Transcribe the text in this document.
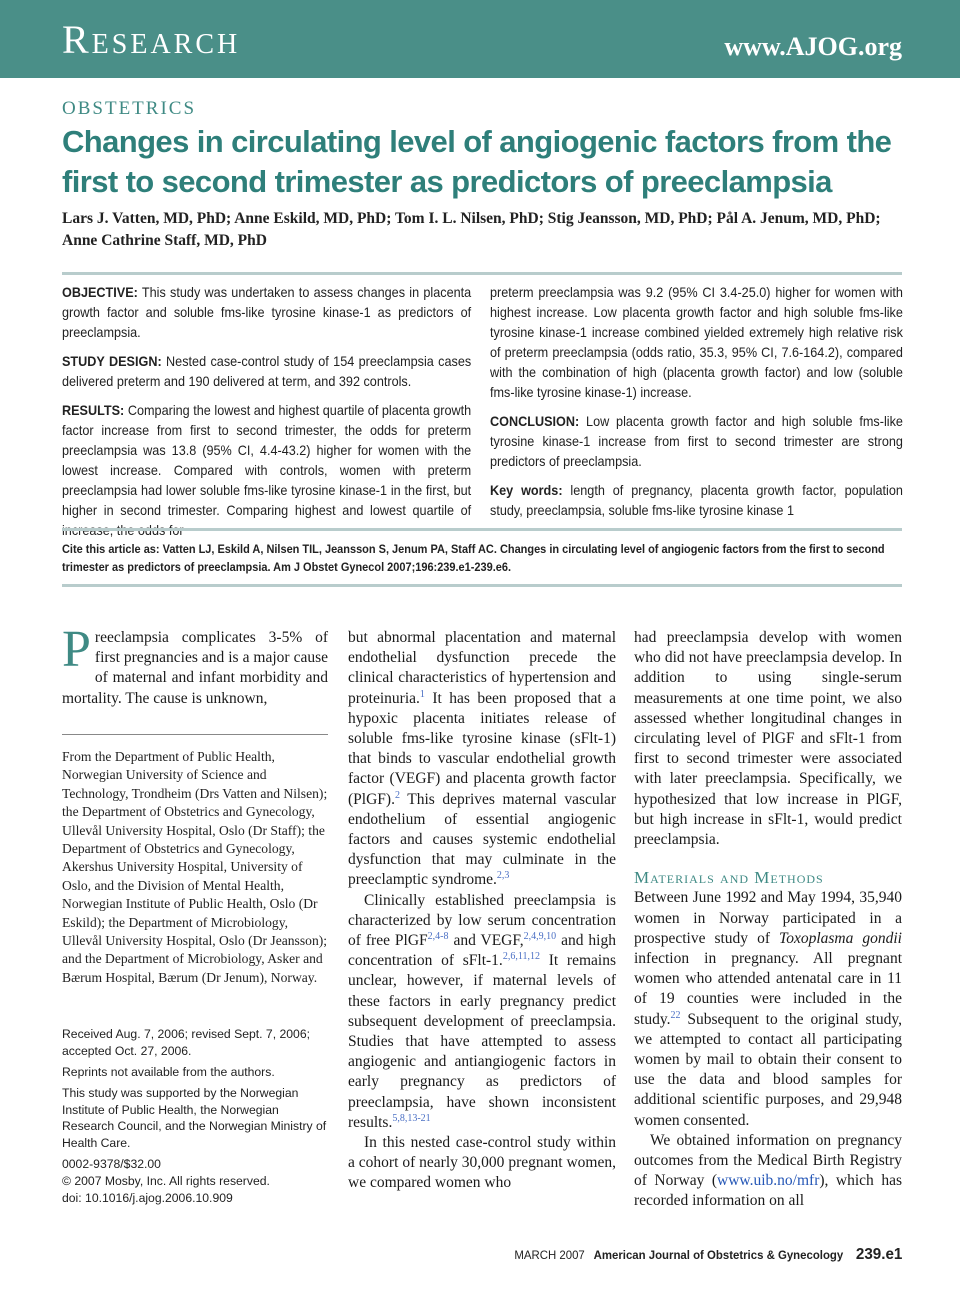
Research	www.AJOG.org
OBSTETRICS
Changes in circulating level of angiogenic factors from the first to second trimester as predictors of preeclampsia
Lars J. Vatten, MD, PhD; Anne Eskild, MD, PhD; Tom I. L. Nilsen, PhD; Stig Jeansson, MD, PhD; Pål A. Jenum, MD, PhD;
Anne Cathrine Staff, MD, PhD

OBJECTIVE: This study was undertaken to assess changes in placenta growth factor and soluble fms-like tyrosine kinase-1 as predictors of preeclampsia.

STUDY DESIGN: Nested case-control study of 154 preeclampsia cases delivered preterm and 190 delivered at term, and 392 controls.

RESULTS: Comparing the lowest and highest quartile of placenta growth factor increase from first to second trimester, the odds for preterm preeclampsia was 13.8 (95% CI, 4.4-43.2) higher for women with the lowest increase. Compared with controls, women with preterm preeclampsia had lower soluble fms-like tyrosine kinase-1 in the first, but higher in second trimester. Comparing highest and lowest quartile of increase, the odds for

preterm preeclampsia was 9.2 (95% CI 3.4-25.0) higher for women with highest increase. Low placenta growth factor and high soluble fms-like tyrosine kinase-1 increase combined yielded extremely high relative risk of preterm preeclampsia (odds ratio, 35.3, 95% CI, 7.6-164.2), compared with the combination of high (placenta growth factor) and low (soluble fms-like tyrosine kinase-1) increase.

CONCLUSION: Low placenta growth factor and high soluble fms-like tyrosine kinase-1 increase from first to second trimester are strong predictors of preeclampsia.

Key words: length of pregnancy, placenta growth factor, population study, preeclampsia, soluble fms-like tyrosine kinase 1

Cite this article as: Vatten LJ, Eskild A, Nilsen TIL, Jeansson S, Jenum PA, Staff AC. Changes in circulating level of angiogenic factors from the first to second trimester as predictors of preeclampsia. Am J Obstet Gynecol 2007;196:239.e1-239.e6.

Preeclampsia complicates 3-5% of first pregnancies and is a major cause of maternal and infant morbidity and mortality. The cause is unknown,

From the Department of Public Health, Norwegian University of Science and Technology, Trondheim (Drs Vatten and Nilsen); the Department of Obstetrics and Gynecology, Ullevål University Hospital, Oslo (Dr Staff); the Department of Obstetrics and Gynecology, Akershus University Hospital, University of Oslo, and the Division of Mental Health, Norwegian Institute of Public Health, Oslo (Dr Eskild); the Department of Microbiology, Ullevål University Hospital, Oslo (Dr Jeansson); and the Department of Microbiology, Asker and Bærum Hospital, Bærum (Dr Jenum), Norway.

Received Aug. 7, 2006; revised Sept. 7, 2006; accepted Oct. 27, 2006.
Reprints not available from the authors.
This study was supported by the Norwegian Institute of Public Health, the Norwegian Research Council, and the Norwegian Ministry of Health Care.
0002-9378/$32.00
© 2007 Mosby, Inc. All rights reserved.
doi: 10.1016/j.ajog.2006.10.909

but abnormal placentation and maternal endothelial dysfunction precede the clinical characteristics of hypertension and proteinuria.$^1$ It has been proposed that a hypoxic placenta initiates release of soluble fms-like tyrosine kinase (sFlt-1) that binds to vascular endothelial growth factor (VEGF) and placenta growth factor (PlGF).$^2$ This deprives maternal vascular endothelium of essential angiogenic factors and causes systemic endothelial dysfunction that may culminate in the preeclamptic syndrome.$^{2,3}$

Clinically established preeclampsia is characterized by low serum concentration of free PlGF$^{2,4-8}$ and VEGF,$^{2,4,9,10}$ and high concentration of sFlt-1.$^{2,6,11,12}$ It remains unclear, however, if maternal levels of these factors in early pregnancy predict subsequent development of preeclampsia. Studies that have attempted to assess angiogenic and antiangiogenic factors in early pregnancy as predictors of preeclampsia, have shown inconsistent results.$^{5,8,13-21}$

In this nested case-control study within a cohort of nearly 30,000 pregnant women, we compared women who

had preeclampsia develop with women who did not have preeclampsia develop. In addition to using single-serum measurements at one time point, we also assessed whether longitudinal changes in circulating level of PlGF and sFlt-1 from first to second trimester were associated with later preeclampsia. Specifically, we hypothesized that low increase in PlGF, but high increase in sFlt-1, would predict preeclampsia.

Materials and Methods

Between June 1992 and May 1994, 35,940 women in Norway participated in a prospective study of Toxoplasma gondii infection in pregnancy. All pregnant women who attended antenatal care in 11 of 19 counties were included in the study.$^{22}$ Subsequent to the original study, we attempted to contact all participating women by mail to obtain their consent to use the data and blood samples for additional scientific purposes, and 29,948 women consented.

We obtained information on pregnancy outcomes from the Medical Birth Registry of Norway (www.uib.no/mfr), which has recorded information on all

MARCH 2007 American Journal of Obstetrics & Gynecology 239.e1
